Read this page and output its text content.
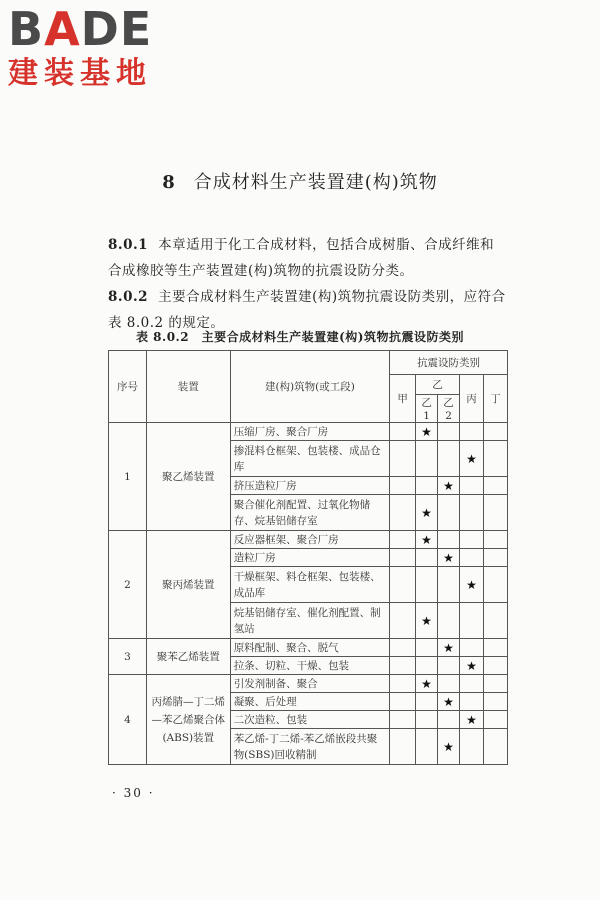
BADE
建装基地
8 合成材料生产装置建(构)筑物
8.0.1 本章适用于化工合成材料，包括合成树脂、合成纤维和合成橡胶等生产装置建(构)筑物的抗震设防分类。
8.0.2 主要合成材料生产装置建(构)筑物抗震设防类别，应符合表 8.0.2 的规定。
表 8.0.2　主要合成材料生产装置建(构)筑物抗震设防类别
序号	装置	建(构)筑物(或工段)	抗震设防类别				
			甲	乙		丙	丁
				乙 1	乙 2		
1	聚乙烯装置	压缩厂房、聚合厂房		★			
		掺混料仓框架、包装楼、成品仓库				★	
		挤压造粒厂房			★		
		聚合催化剂配置、过氧化物储存、烷基铝储存室		★			
2	聚丙烯装置	反应器框架、聚合厂房		★			
		造粒厂房			★		
		干燥框架、料仓框架、包装楼、成品库				★	
		烷基铝储存室、催化剂配置、制氢站		★			
3	聚苯乙烯装置	原料配制、聚合、脱气			★		
		拉条、切粒、干燥、包装				★	
4	丙烯腈—丁二烯—苯乙烯聚合体(ABS)装置	引发剂制备、聚合		★			
		凝聚、后处理			★		
		二次造粒、包装				★	
		苯乙烯-丁二烯-苯乙烯嵌段共聚物(SBS)回收精制			★		
· 30 ·
